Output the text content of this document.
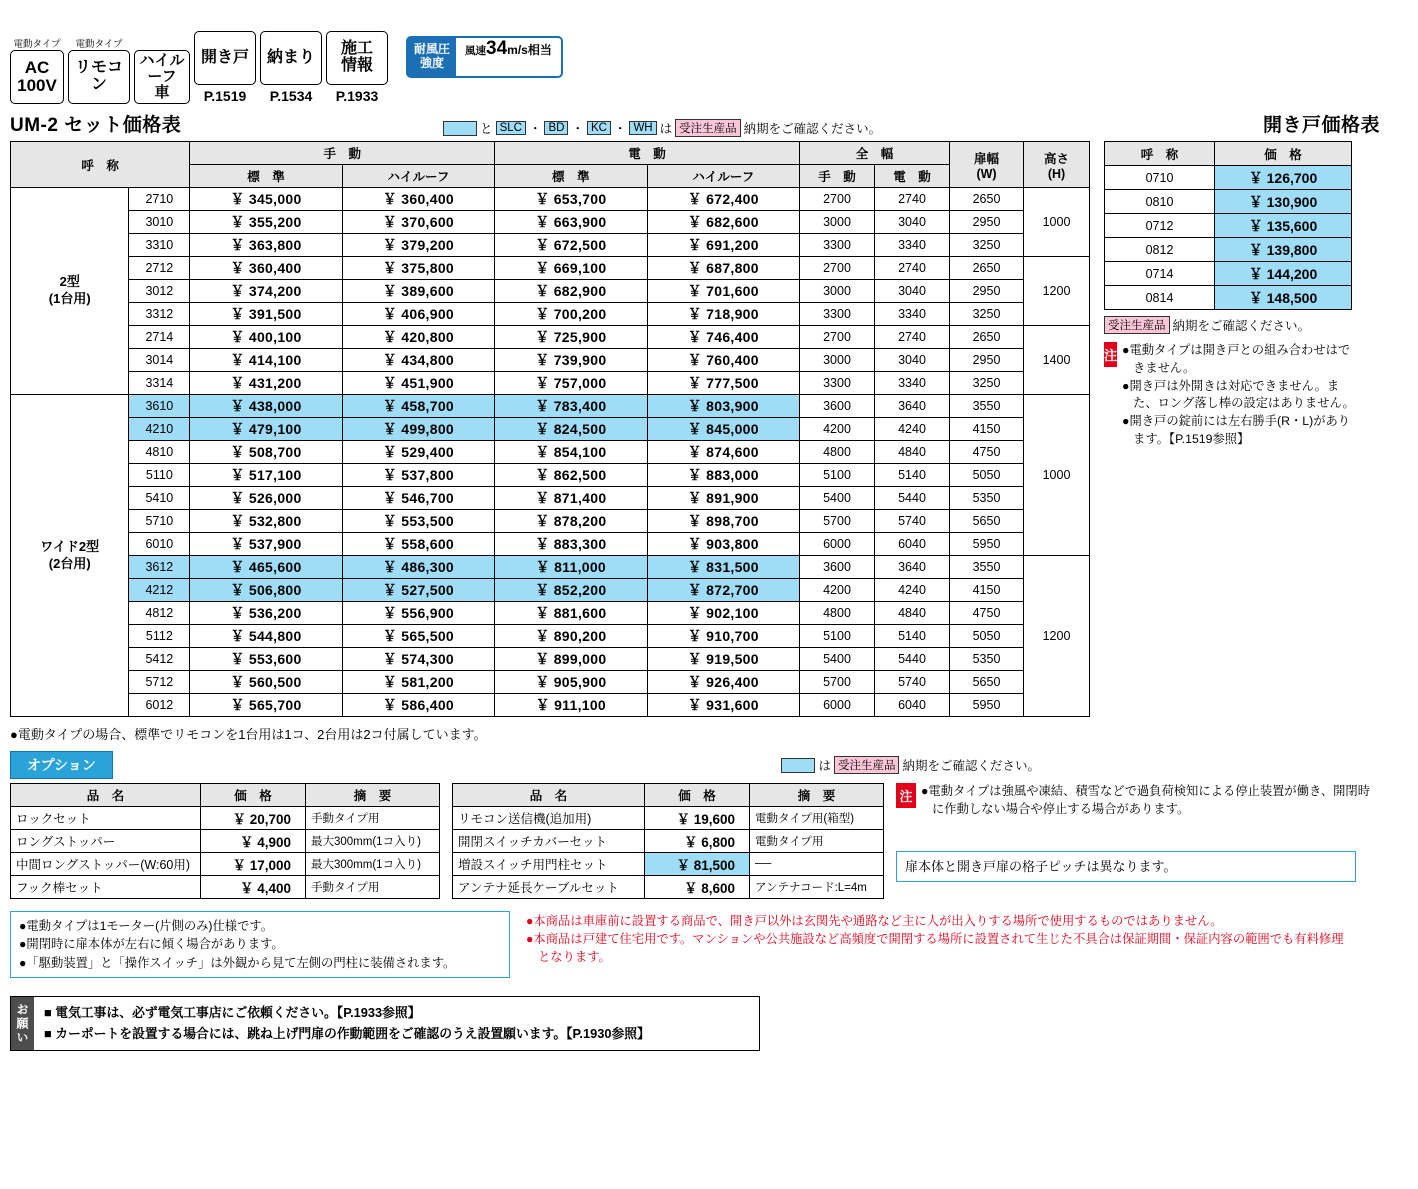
電動タイプ
AC
100V
電動タイプ
リモコン
ハイルーフ
車
開き戸
P.1519
納まり
P.1534
施工
情報
P.1933
耐風圧
強度
風速 34 m/s相当
UM-2 セット価格表	と SLC ・ BD ・ KC ・ WH は 受注生産品 納期をご確認ください。	開き戸価格表
呼　称	手　動	電　動	全　幅	扉幅
(W)

高さ
(H)

		標　準	ハイルーフ	標　準	ハイルーフ	手　動	電　動		

2型
(1台用)	2710	￥ 345,000	￥ 360,400	￥ 653,700	￥ 672,400	2700	2740	2650	1000
	3010	￥ 355,200	￥ 370,600	￥ 663,900	￥ 682,600	3000	3040	2950	
	3310	￥ 363,800	￥ 379,200	￥ 672,500	￥ 691,200	3300	3340	3250	
	2712	￥ 360,400	￥ 375,800	￥ 669,100	￥ 687,800	2700	2740	2650	1200
	3012	￥ 374,200	￥ 389,600	￥ 682,900	￥ 701,600	3000	3040	2950	
	3312	￥ 391,500	￥ 406,900	￥ 700,200	￥ 718,900	3300	3340	3250	
	2714	￥ 400,100	￥ 420,800	￥ 725,900	￥ 746,400	2700	2740	2650	1400
	3014	￥ 414,100	￥ 434,800	￥ 739,900	￥ 760,400	3000	3040	2950	
	3314	￥ 431,200	￥ 451,900	￥ 757,000	￥ 777,500	3300	3340	3250	

ワイド2型
(2台用)	3610	￥ 438,000	￥ 458,700	￥ 783,400	￥ 803,900	3600	3640	3550	1000
	4210	￥ 479,100	￥ 499,800	￥ 824,500	￥ 845,000	4200	4240	4150	
	4810	￥ 508,700	￥ 529,400	￥ 854,100	￥ 874,600	4800	4840	4750	
	5110	￥ 517,100	￥ 537,800	￥ 862,500	￥ 883,000	5100	5140	5050	
	5410	￥ 526,000	￥ 546,700	￥ 871,400	￥ 891,900	5400	5440	5350	
	5710	￥ 532,800	￥ 553,500	￥ 878,200	￥ 898,700	5700	5740	5650	
	6010	￥ 537,900	￥ 558,600	￥ 883,300	￥ 903,800	6000	6040	5950	
	3612	￥ 465,600	￥ 486,300	￥ 811,000	￥ 831,500	3600	3640	3550	1200
	4212	￥ 506,800	￥ 527,500	￥ 852,200	￥ 872,700	4200	4240	4150	
	4812	￥ 536,200	￥ 556,900	￥ 881,600	￥ 902,100	4800	4840	4750	
	5112	￥ 544,800	￥ 565,500	￥ 890,200	￥ 910,700	5100	5140	5050	
	5412	￥ 553,600	￥ 574,300	￥ 899,000	￥ 919,500	5400	5440	5350	
	5712	￥ 560,500	￥ 581,200	￥ 905,900	￥ 926,400	5700	5740	5650	
	6012	￥ 565,700	￥ 586,400	￥ 911,100	￥ 931,600	6000	6040	5950	
呼　称	価　格
0710	￥ 126,700
0810	￥ 130,900
0712	￥ 135,600
0812	￥ 139,800
0714	￥ 144,200
0814	￥ 148,500
受注生産品 納期をご確認ください。
注 ●電動タイプは開き戸との組み合わせはできません。
●開き戸は外開きは対応できません。また、ロング落し棒の設定はありません。
●開き戸の錠前には左右勝手(R・L)があります。【P.1519参照】
●電動タイプの場合、標準でリモコンを1台用は1コ、2台用は2コ付属しています。
オプション	は 受注生産品 納期をご確認ください。
品　名	価　格	摘　要
ロックセット	￥ 20,700	手動タイプ用
ロングストッパー	￥ 4,900	最大300mm(1コ入り)
中間ロングストッパー(W:60用)	￥ 17,000	最大300mm(1コ入り)
フック棒セット	￥ 4,400	手動タイプ用
品　名	価　格	摘　要
リモコン送信機(追加用)	￥ 19,600	電動タイプ用(箱型)
開閉スイッチカバーセット	￥ 6,800	電動タイプ用
増設スイッチ用門柱セット	￥ 81,500	──
アンテナ延長ケーブルセット	￥ 8,600	アンテナコード:L=4m
注 ●電動タイプは強風や凍結、積雪などで過負荷検知による停止装置が働き、開閉時に作動しない場合や停止する場合があります。
扉本体と開き戸扉の格子ピッチは異なります。
●電動タイプは1モーター(片側のみ)仕様です。
●開閉時に扉本体が左右に傾く場合があります。
●「駆動装置」と「操作スイッチ」は外観から見て左側の門柱に装備されます。
●本商品は車庫前に設置する商品で、開き戸以外は玄関先や通路など主に人が出入りする場所で使用するものではありません。
●本商品は戸建て住宅用です。マンションや公共施設など高頻度で開閉する場所に設置されて生じた不具合は保証期間・保証内容の範囲でも有料修理となります。
お願い	■ 電気工事は、必ず電気工事店にご依頼ください。【P.1933参照】
■ カーポートを設置する場合には、跳ね上げ門扉の作動範囲をご確認のうえ設置願います。【P.1930参照】
